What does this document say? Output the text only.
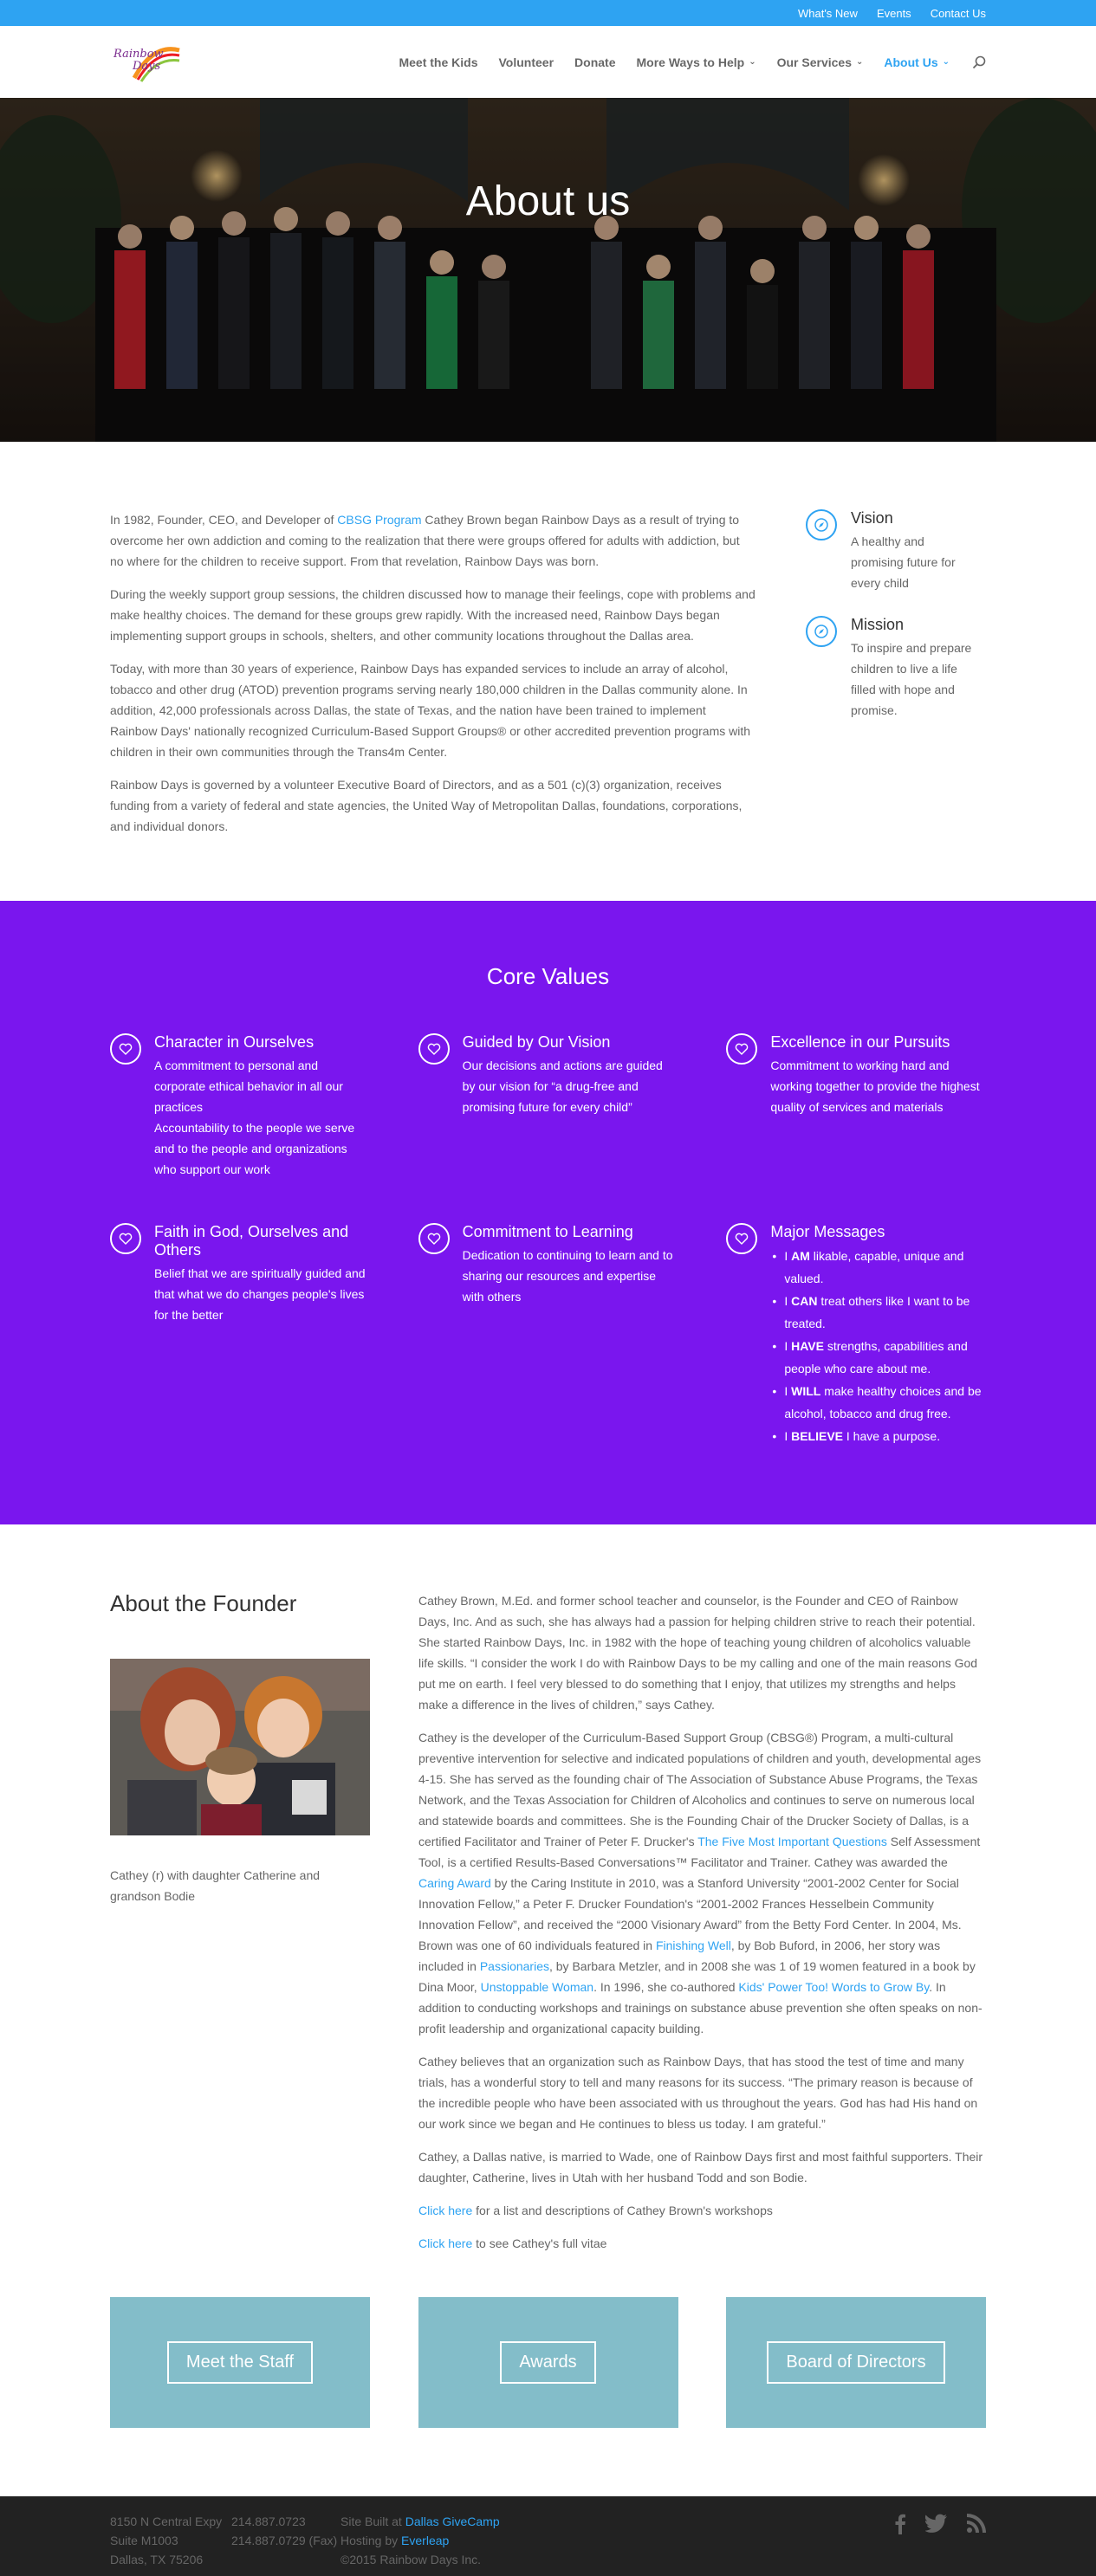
What's New Events Contact Us
Rainbow
Days	Meet the Kids Volunteer Donate More Ways to Help ⌄ Our Services ⌄ About Us ⌄
About us

In 1982, Founder, CEO, and Developer of CBSG Program Cathey Brown began Rainbow Days as a result of trying to overcome her own addiction and coming to the realization that there were groups offered for adults with addiction, but no where for the children to receive support. From that revelation, Rainbow Days was born.

During the weekly support group sessions, the children discussed how to manage their feelings, cope with problems and make healthy choices. The demand for these groups grew rapidly. With the increased need, Rainbow Days began implementing support groups in schools, shelters, and other community locations throughout the Dallas area.

Today, with more than 30 years of experience, Rainbow Days has expanded services to include an array of alcohol, tobacco and other drug (ATOD) prevention programs serving nearly 180,000 children in the Dallas community alone. In addition, 42,000 professionals across Dallas, the state of Texas, and the nation have been trained to implement Rainbow Days' nationally recognized Curriculum-Based Support Groups® or other accredited prevention programs with children in their own communities through the Trans4m Center.

Rainbow Days is governed by a volunteer Executive Board of Directors, and as a 501 (c)(3) organization, receives funding from a variety of federal and state agencies, the United Way of Metropolitan Dallas, foundations, corporations, and individual donors.

Vision

A healthy and promising future for every child

Mission

To inspire and prepare children to live a life filled with hope and promise.

Core Values
Character in Ourselves

A commitment to personal and corporate ethical behavior in all our practices

Accountability to the people we serve and to the people and organizations who support our work

Guided by Our Vision

Our decisions and actions are guided by our vision for “a drug-free and promising future for every child”

Excellence in our Pursuits

Commitment to working hard and working together to provide the highest quality of services and materials

Faith in God, Ourselves and Others

Belief that we are spiritually guided and that what we do changes people's lives for the better

Commitment to Learning

Dedication to continuing to learn and to sharing our resources and expertise with others

Major Messages
• I AM likable, capable, unique and valued.
• I CAN treat others like I want to be treated.
• I HAVE strengths, capabilities and people who care about me.
• I WILL make healthy choices and be alcohol, tobacco and drug free.
• I BELIEVE I have a purpose.
About the Founder

Cathey (r) with daughter Catherine and grandson Bodie

Cathey Brown, M.Ed. and former school teacher and counselor, is the Founder and CEO of Rainbow Days, Inc. And as such, she has always had a passion for helping children strive to reach their potential. She started Rainbow Days, Inc. in 1982 with the hope of teaching young children of alcoholics valuable life skills. “I consider the work I do with Rainbow Days to be my calling and one of the main reasons God put me on earth. I feel very blessed to do something that I enjoy, that utilizes my strengths and helps make a difference in the lives of children,” says Cathey.

Cathey is the developer of the Curriculum-Based Support Group (CBSG®) Program, a multi-cultural preventive intervention for selective and indicated populations of children and youth, developmental ages 4-15. She has served as the founding chair of The Association of Substance Abuse Programs, the Texas Network, and the Texas Association for Children of Alcoholics and continues to serve on numerous local and statewide boards and committees. She is the Founding Chair of the Drucker Society of Dallas, is a certified Facilitator and Trainer of Peter F. Drucker's The Five Most Important Questions Self Assessment Tool, is a certified Results-Based Conversations™ Facilitator and Trainer. Cathey was awarded the Caring Award by the Caring Institute in 2010, was a Stanford University “2001-2002 Center for Social Innovation Fellow,” a Peter F. Drucker Foundation's “2001-2002 Frances Hesselbein Community Innovation Fellow”, and received the “2000 Visionary Award” from the Betty Ford Center. In 2004, Ms. Brown was one of 60 individuals featured in Finishing Well, by Bob Buford, in 2006, her story was included in Passionaries, by Barbara Metzler, and in 2008 she was 1 of 19 women featured in a book by Dina Moor, Unstoppable Woman. In 1996, she co-authored Kids' Power Too! Words to Grow By. In addition to conducting workshops and trainings on substance abuse prevention she often speaks on non-profit leadership and organizational capacity building.

Cathey believes that an organization such as Rainbow Days, that has stood the test of time and many trials, has a wonderful story to tell and many reasons for its success. “The primary reason is because of the incredible people who have been associated with us throughout the years. God has had His hand on our work since we began and He continues to bless us today. I am grateful.”

Cathey, a Dallas native, is married to Wade, one of Rainbow Days first and most faithful supporters. Their daughter, Catherine, lives in Utah with her husband Todd and son Bodie.

Click here for a list and descriptions of Cathey Brown's workshops

Click here to see Cathey's full vitae

Meet the Staff	Awards	Board of Directors
8150 N Central Expy 214.887.0723
Suite M1003	214.887.0729 (Fax)
Dallas, TX 75206
Site Built at Dallas GiveCamp
Hosting by Everleap
©2015 Rainbow Days Inc.
